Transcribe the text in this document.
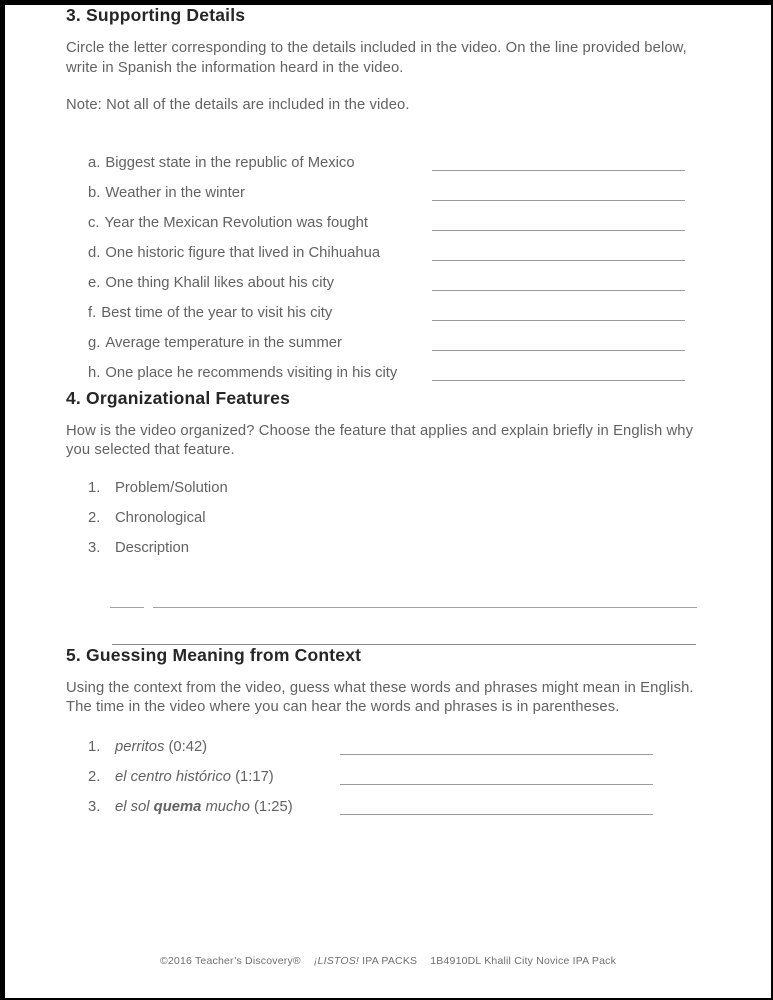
3. Supporting Details

Circle the letter corresponding to the details included in the video. On the line provided below, write in Spanish the information heard in the video.

Note: Not all of the details are included in the video.

a. Biggest state in the republic of Mexico
b. Weather in the winter
c. Year the Mexican Revolution was fought
d. One historic figure that lived in Chihuahua
e. One thing Khalil likes about his city
f. Best time of the year to visit his city
g. Average temperature in the summer
h. One place he recommends visiting in his city
4. Organizational Features

How is the video organized? Choose the feature that applies and explain briefly in English why you selected that feature.

1. Problem/Solution
2. Chronological
3. Description
5. Guessing Meaning from Context

Using the context from the video, guess what these words and phrases might mean in English. The time in the video where you can hear the words and phrases is in parentheses.

1. perritos (0:42)
2. el centro histórico (1:17)
3. el sol quema mucho (1:25)
©2016 Teacher’s Discovery® ¡LISTOS! IPA PACKS 1B4910DL Khalil City Novice IPA Pack
